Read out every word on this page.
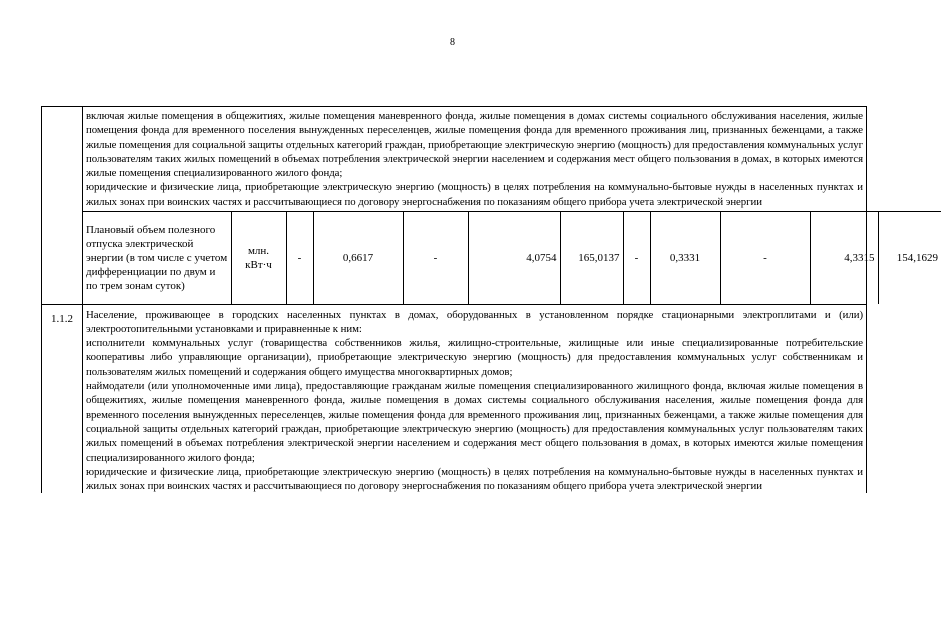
8

включая жилые помещения в общежитиях, жилые помещения маневренного фонда, жилые помещения в домах системы социального обслуживания населения, жилые помещения фонда для временного поселения вынужденных переселенцев, жилые помещения фонда для временного проживания лиц, признанных беженцами, а также жилые помещения для социальной защиты отдельных категорий граждан, приобретающие электрическую энергию (мощность) для предоставления коммунальных услуг пользователям таких жилых помещений в объемах потребления электрической энергии населением и содержания мест общего пользования в домах, в которых имеются жилые помещения специализированного жилого фонда;

юридические и физические лица, приобретающие электрическую энергию (мощность) в целях потребления на коммунально-бытовые нужды в населенных пунктах и жилых зонах при воинских частях и рассчитывающиеся по договору энергоснабжения по показаниям общего прибора учета электрической энергии

Плановый объем полезного отпуска электрической энергии (в том числе с учетом дифференциации по двум и по трем зонам суток)	млн. кВт·ч	-	0,6617	-	4,0754	165,0137	-	0,3331	-	4,3315	154,1629

1.1.2	Население, проживающее в городских населенных пунктах в домах, оборудованных в установленном порядке стационарными электроплитами и (или) электроотопительными установками и приравненные к ним:

исполнители коммунальных услуг (товарищества собственников жилья, жилищно-строительные, жилищные или иные специализированные потребительские кооперативы либо управляющие организации), приобретающие электрическую энергию (мощность) для предоставления коммунальных услуг собственникам и пользователям жилых помещений и содержания общего имущества многоквартирных домов;

наймодатели (или уполномоченные ими лица), предоставляющие гражданам жилые помещения специализированного жилищного фонда, включая жилые помещения в общежитиях, жилые помещения маневренного фонда, жилые помещения в домах системы социального обслуживания населения, жилые помещения фонда для временного поселения вынужденных переселенцев, жилые помещения фонда для временного проживания лиц, признанных беженцами, а также жилые помещения для социальной защиты отдельных категорий граждан, приобретающие электрическую энергию (мощность) для предоставления коммунальных услуг пользователям таких жилых помещений в объемах потребления электрической энергии населением и содержания мест общего пользования в домах, в которых имеются жилые помещения специализированного жилого фонда;

юридические и физические лица, приобретающие электрическую энергию (мощность) в целях потребления на коммунально-бытовые нужды в населенных пунктах и жилых зонах при воинских частях и рассчитывающиеся по договору энергоснабжения по показаниям общего прибора учета электрической энергии
